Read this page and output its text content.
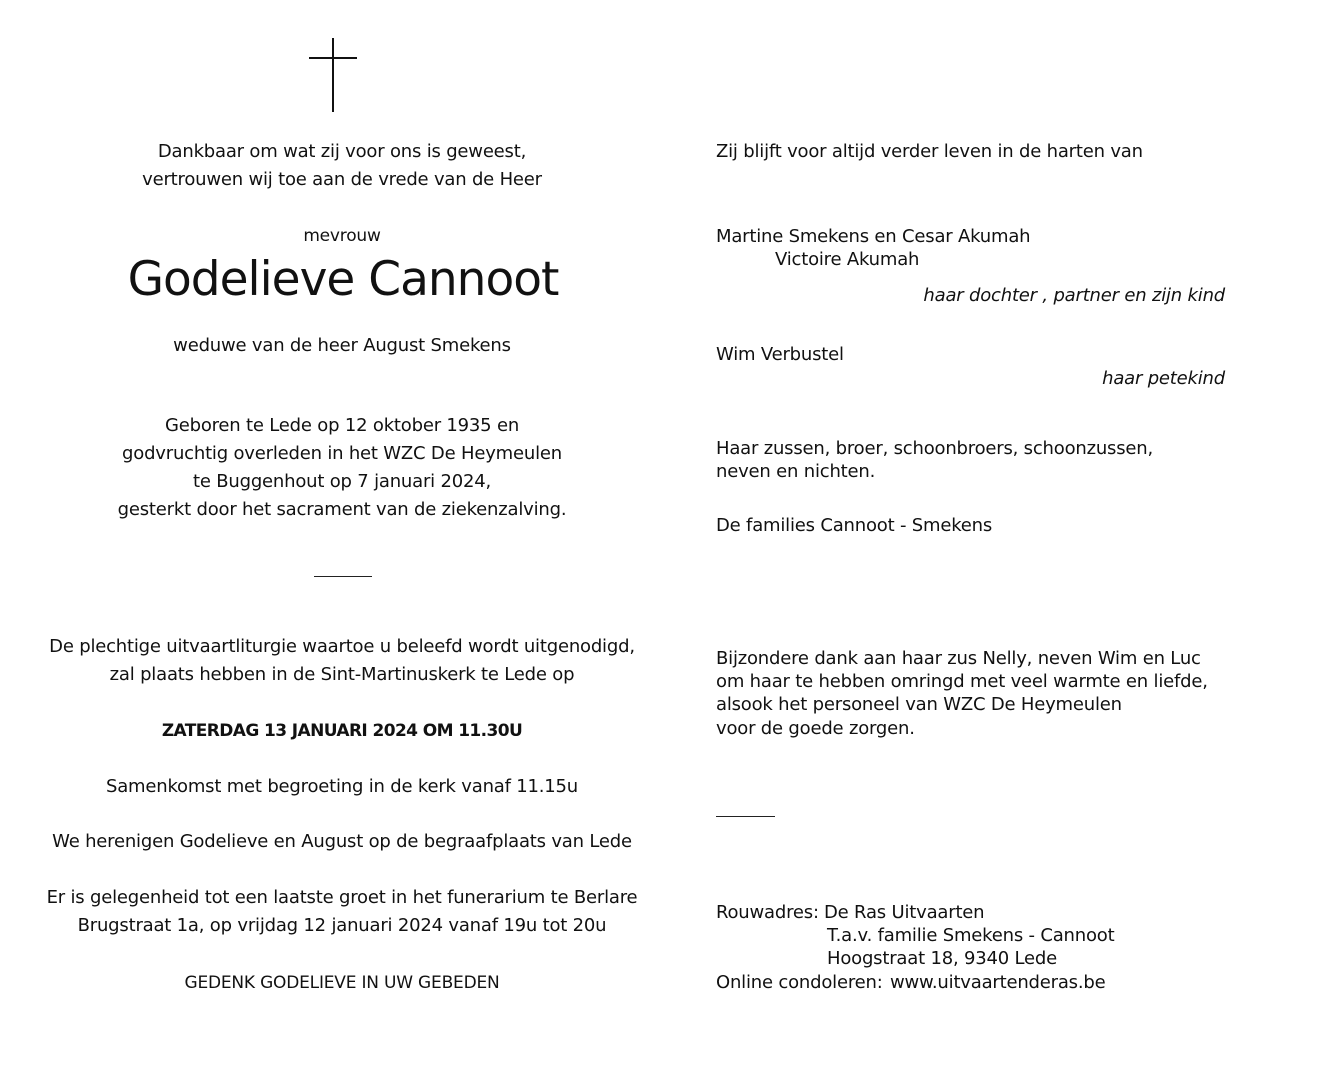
Dankbaar om wat zij voor ons is geweest,
vertrouwen wij toe aan de vrede van de Heer
mevrouw
Godelieve Cannoot
weduwe van de heer August Smekens
Geboren te Lede op 12 oktober 1935 en
godvruchtig overleden in het WZC De Heymeulen
te Buggenhout op 7 januari 2024,
gesterkt door het sacrament van de ziekenzalving.
De plechtige uitvaartliturgie waartoe u beleefd wordt uitgenodigd,
zal plaats hebben in de Sint-Martinuskerk te Lede op
ZATERDAG 13 JANUARI 2024 OM 11.30U
Samenkomst met begroeting in de kerk vanaf 11.15u
We herenigen Godelieve en August op de begraafplaats van Lede
Er is gelegenheid tot een laatste groet in het funerarium te Berlare
Brugstraat 1a, op vrijdag 12 januari 2024 vanaf 19u tot 20u
GEDENK GODELIEVE IN UW GEBEDEN
Zij blijft voor altijd verder leven in de harten van
Martine Smekens en Cesar Akumah
Victoire Akumah
haar dochter , partner en zijn kind
Wim Verbustel
haar petekind
Haar zussen, broer, schoonbroers, schoonzussen,
neven en nichten.
De families Cannoot - Smekens
Bijzondere dank aan haar zus Nelly, neven Wim en Luc
om haar te hebben omringd met veel warmte en liefde,
alsook het personeel van WZC De Heymeulen
voor de goede zorgen.
Rouwadres: De Ras Uitvaarten
T.a.v. familie Smekens - Cannoot
Hoogstraat 18, 9340 Lede
Online condoleren: www.uitvaartenderas.be
